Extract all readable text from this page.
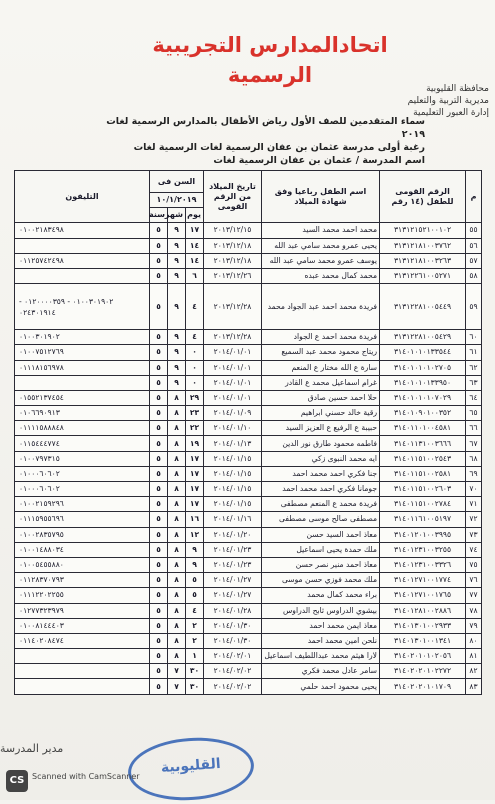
اتحادالمدارس التجريبية
الرسمية
محافظة القليوبية
مديرية التربية والتعليم
إدارة العبور التعليمية
سماء المتقدمين للصف الأول رياض الأطفال بالمدارس الرسمية لغات ٢٠١٩
رغبة أولى مدرسة عثمان بن عفان الرسمية لغات الرسمية لغات
اسم المدرسة / عثمان بن عفان الرسمية لغات
م	الرقم القومى للطفل (١٤ رقم	اسم الطفل رباعيا وفق شهادة الميلاد	تاريخ الميلاد من الرقم القومى	السن فى			التليفون
				١٠/١/٢٠١٩			
				يوم	شهر	سنة	
٥٥	٣١٣١٢١٥٢١٠٠١٠٢	محمد احمد محمد السيد	٢٠١٣/١٢/١٥	١٧	٩	٥	٠١٠٠٢١٨٣٤٩٨
٥٦	٣١٣١٢١٨١٠٠٣٧٦٢	يحيى عمرو محمد سامي عبد الله	٢٠١٣/١٢/١٨	١٤	٩	٥	
٥٧	٣١٣١٢١٨١٠٠٣٢٦٣	يوسف عمرو محمد سامي عبد الله	٢٠١٣/١٢/١٨	١٤	٩	٥	٠١١٢٥٧٤٢٤٩٨
٥٨	٣١٣١٢٢٦١٠٠٥٢٧١	محمد كمال محمد عبده	٢٠١٣/١٢/٢٦	٦	٩	٥	
٥٩	٣١٣١٢٢٨١٠٠٥٤٤٩	فريدة محمد احمد عبد الجواد محمد	٢٠١٣/١٢/٢٨	٤	٩	٥	٠١٠٠٣٠١٩٠٢ - ٠١٢٠٠٠٠٣٥٩ - ٠٢٤٣٠١٩١٤
٦٠	٣١٣١٢٢٨١٠٠٥٤٢٩	فريدة محمد احمد ع الجواد	٢٠١٣/١٢/٢٨	٤	٩	٥	٠١٠٠٣٠١٩٠٢
٦١	٣١٤٠١٠١٠١٣٣٥٤٤	ريتاج محمود محمد عبد السميع	٢٠١٤/٠١/٠١	٠	٩	٥	٠١٠٠٧٥١٢٧٦٩
٦٢	٣١٤٠١٠١٠١٠٢٧٠٥	سارة ع الله مختار ع المنعم	٢٠١٤/٠١/٠١	٠	٩	٥	٠١١١٨١٥٦٩٧٨
٦٣	٣١٤٠١٠١٠١٣٣٩٥٠	غرام اسماعيل محمد ع القادر	٢٠١٤/٠١/٠١	٠	٩	٥	
٦٤	٣١٤٠١٠١٠١٠٧٠٢٩	حلا احمد حسين صادق	٢٠١٤/٠١/٠١	٢٩	٨	٥	٠١٥٥٢١٣٧٤٥٤
٦٥	٣١٤٠١٠٩٠١٠٠٣٥٢	رقية خالد حسني ابراهيم	٢٠١٤/٠١/٠٩	٢٣	٨	٥	٠١٠٦٦٩٠٩١٣
٦٦	٣١٤٠١١٠١٠٠٤٥٨١	حبيبة ع الرفيع ع العزيز السيد	٢٠١٤/٠١/١٠	٢٢	٨	٥	٠١١١١٥٨٨٨٤٨
٦٧	٣١٤٠١١٣١٠٠٣٦٦٦	فاطمه محمود طارق نور الدين	٢٠١٤/٠١/١٣	١٩	٨	٥	٠١١٥٤٤٤٧٧٤
٦٨	٣١٤٠١١٥١٠٠٢٥٤٣	ايه محمد النبوى زكي	٢٠١٤/٠١/١٥	١٧	٨	٥	٠١٠٠٧٩٧٣١٥
٦٩	٣١٤٠١١٥١٠٠٢٥٨١	جنا فكري احمد محمد احمد	٢٠١٤/٠١/١٥	١٧	٨	٥	٠١٠٠٠٦٠٦٠٢
٧٠	٣١٤٠١١٥١٠٠٢٦٠٣	جومانا فكري احمد محمد احمد	٢٠١٤/٠١/١٥	١٧	٨	٥	٠١٠٠٠٦٠٦٠٢
٧١	٣١٤٠١١٥١٠٠٢٧٨٤	فريدة محمد ع المنعم مصطفى	٢٠١٤/٠١/١٥	١٧	٨	٥	٠١٠٠٢١٥٩٢٩٦
٧٢	٣١٤٠١١٦١٠٠٥١٩٧	مصطفى صالح موسى مصطفى	٢٠١٤/٠١/١٦	١٦	٨	٥	٠١١١٥٩٥٥٦٩٦
٧٣	٣١٤٠١٢٠١٠٠٣٩٩٥	معاذ احمد السيد حسن	٢٠١٤/٠١/٢٠	١٢	٨	٥	٠١٠٠٢٨٣٥٧٩٥
٧٤	٣١٤٠١٢٣١٠٠٣٢٥٥	ملك حمدة يحيى اسماعيل	٢٠١٤/٠١/٢٣	٩	٨	٥	٠١٠٠١٤٨٨٠٣٤
٧٥	٣١٤٠١٢٣١٠٠٣٣٢٦	معاذ احمد منير نصر حسن	٢٠١٤/٠١/٢٣	٩	٨	٥	٠١٠٠٥٤٥٥٨٨٠
٧٦	٣١٤٠١٢٧١٠٠١٧٧٤	ملك محمد فوزي حسن موسى	٢٠١٤/٠١/٢٧	٥	٨	٥	٠١١٢٨٣٧٠٧٩٣
٧٧	٣١٤٠١٢٧١٠٠١٧٦٥	براء محمد كمال محمد	٢٠١٤/٠١/٢٧	٥	٨	٥	٠١١١٢٢٠٢٢٥٥
٧٨	٣١٤٠١٢٨١٠٠٢٨٨٦	بيشوي الدراوس ثابح الدراوس	٢٠١٤/٠١/٢٨	٤	٨	٥	٠١٢٧٧٣٢٣٩٧٩
٧٩	٣١٤٠١٣٠١٠٠٢٩٣٣	معاذ ايمن محمد احمد	٢٠١٤/٠١/٣٠	٢	٨	٥	٠١٠٠٨١٤٤٤٠٣
٨٠	٣١٤٠١٣٠١٠٠١٣٤١	نلحن امين محمد احمد	٢٠١٤/٠١/٣٠	٢	٨	٥	٠١١٤٠٢٠٨٤٧٤
٨١	٣١٤٠٢٠١٠١٠٢٠٥٦	لارا هيثم محمد عبداللطيف اسماعيل	٢٠١٤/٠٢/٠١	١	٨	٥	
٨٢	٣١٤٠٢٠٢٠١٠٢٢٧٢	سامر عادل محمد فكري	٢٠١٤/٠٢/٠٢	٣٠	٧	٥	
٨٣	٣١٤٠٢٠٢٠١٠١٧٠٩	يحيى محمود احمد حلمي	٢٠١٤/٠٢/٠٢	٣٠	٧	٥	
مدير المدرسة
القليوبية
CS Scanned with CamScanner
